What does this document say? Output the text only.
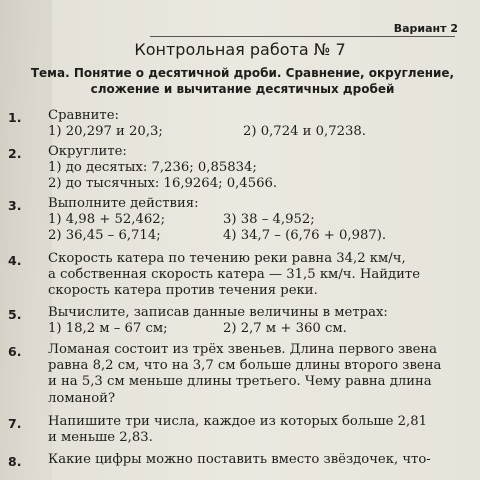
Вариант 2
Контрольная работа № 7
Тема. Понятие о десятичной дроби. Сравнение, округление,
сложение и вычитание десятичных дробей
1.	Сравните:
1) 20,297 и 20,3;	2) 0,724 и 0,7238.
2.	Округлите:
1) до десятых: 7,236; 0,85834;
2) до тысячных: 16,9264; 0,4566.
3.	Выполните действия:
1) 4,98 + 52,462;	3) 38 – 4,952;
2) 36,45 – 6,714;	4) 34,7 – (6,76 + 0,987).
4.	Скорость катера по течению реки равна 34,2 км/ч,
а собственная скорость катера — 31,5 км/ч. Найдите
скорость катера против течения реки.
5.	Вычислите, записав данные величины в метрах:
1) 18,2 м – 67 см;	2) 2,7 м + 360 см.
6.	Ломаная состоит из трёх звеньев. Длина первого звена
равна 8,2 см, что на 3,7 см больше длины второго звена
и на 5,3 см меньше длины третьего. Чему равна длина
ломаной?
7.	Напишите три числа, каждое из которых больше 2,81
и меньше 2,83.
8.	Какие цифры можно поставить вместо звёздочек, что-
